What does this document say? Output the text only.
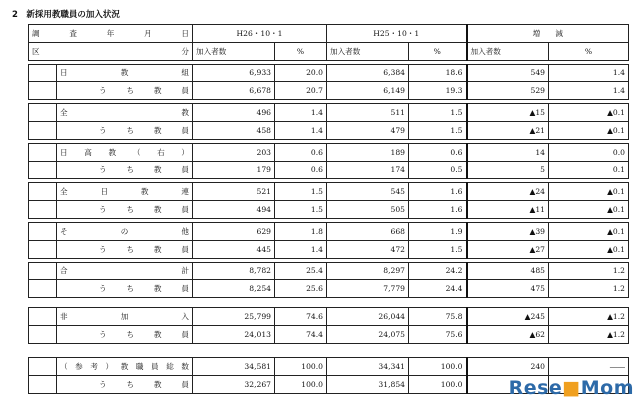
2　新採用教職員の加入状況
調　査　年　月　日		H26・10・1		H25・10・1		増　　減	
区	分	加入者数	%	加入者数	%	加入者数	%

	日　　教　　組	6,933	20.0	6,384	18.6	549	1.4
	う　ち　教　員	6,678	20.7	6,149	19.3	529	1.4

	全　　　　教	496	1.4	511	1.5	▲15	▲0.1
	う　ち　教　員	458	1.4	479	1.5	▲21	▲0.1

	日高教（右）	203	0.6	189	0.6	14	0.0
	う　ち　教　員	179	0.6	174	0.5	5	0.1

	全　日　教　連	521	1.5	545	1.6	▲24	▲0.1
	う　ち　教　員	494	1.5	505	1.6	▲11	▲0.1

	そ　の　他	629	1.8	668	1.9	▲39	▲0.1
	う　ち　教　員	445	1.4	472	1.5	▲27	▲0.1

	合　　　　計	8,782	25.4	8,297	24.2	485	1.2
	う　ち　教　員	8,254	25.6	7,779	24.4	475	1.2
	非　　加　　入	25,799	74.6	26,044	75.8	▲245	▲1.2
	う　ち　教　員	24,013	74.4	24,075	75.6	▲62	▲1.2
	（参考）教職員総数	34,581	100.0	34,341	100.0	240	――
	う　ち　教　員	32,267	100.0	31,854	100.0		Rese■Mom
